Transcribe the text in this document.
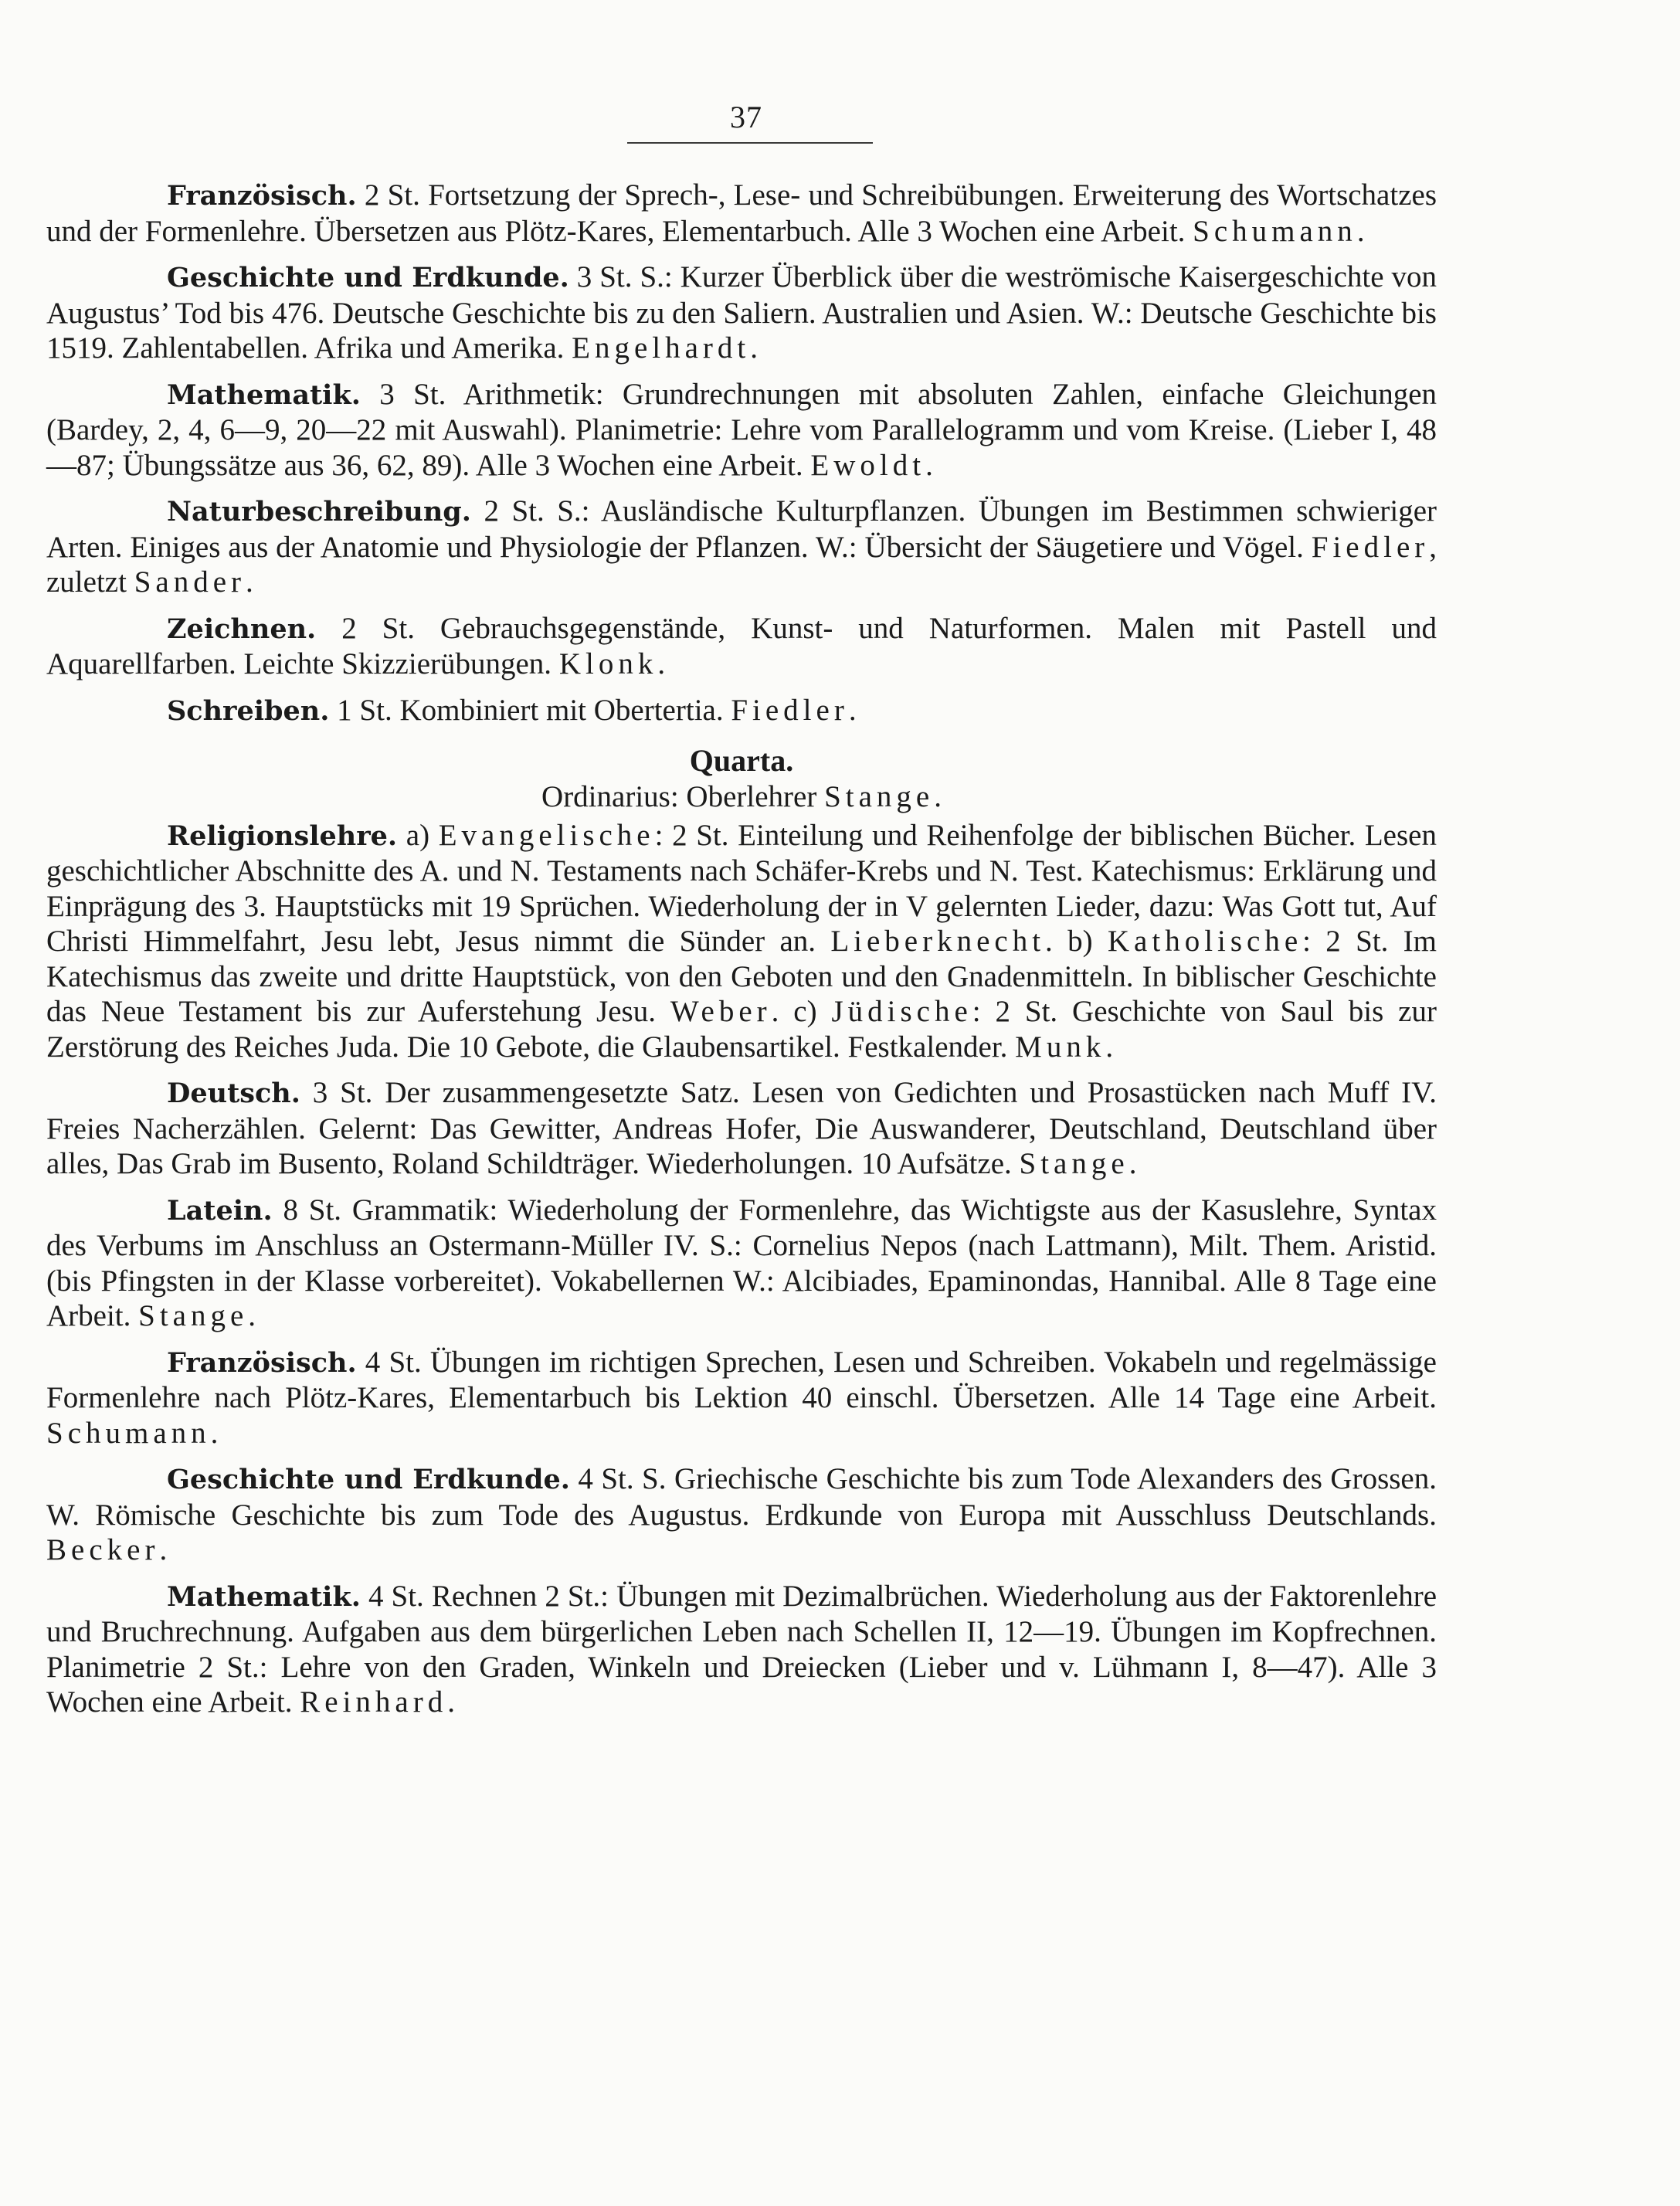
37

Französisch. 2 St. Fortsetzung der Sprech-, Lese- und Schreibübungen. Erweiterung des Wortschatzes und der Formenlehre. Übersetzen aus Plötz-Kares, Elementarbuch. Alle 3 Wochen eine Arbeit. Schumann.

Geschichte und Erdkunde. 3 St. S.: Kurzer Überblick über die weströmische Kaisergeschichte von Augustus’ Tod bis 476. Deutsche Geschichte bis zu den Saliern. Australien und Asien. W.: Deutsche Geschichte bis 1519. Zahlentabellen. Afrika und Amerika. Engelhardt.

Mathematik. 3 St. Arithmetik: Grundrechnungen mit absoluten Zahlen, einfache Gleichungen (Bardey, 2, 4, 6—9, 20—22 mit Auswahl). Planimetrie: Lehre vom Parallelogramm und vom Kreise. (Lieber I, 48—87; Übungssätze aus 36, 62, 89). Alle 3 Wochen eine Arbeit. Ewoldt.

Naturbeschreibung. 2 St. S.: Ausländische Kulturpflanzen. Übungen im Bestimmen schwieriger Arten. Einiges aus der Anatomie und Physiologie der Pflanzen. W.: Übersicht der Säugetiere und Vögel. Fiedler, zuletzt Sander.

Zeichnen. 2 St. Gebrauchsgegenstände, Kunst- und Naturformen. Malen mit Pastell und Aquarellfarben. Leichte Skizzierübungen. Klonk.

Schreiben. 1 St. Kombiniert mit Obertertia. Fiedler.

Quarta.

Ordinarius: Oberlehrer Stange.

Religionslehre. a) Evangelische: 2 St. Einteilung und Reihenfolge der biblischen Bücher. Lesen geschichtlicher Abschnitte des A. und N. Testaments nach Schäfer-Krebs und N. Test. Katechismus: Erklärung und Einprägung des 3. Hauptstücks mit 19 Sprüchen. Wiederholung der in V gelernten Lieder, dazu: Was Gott tut, Auf Christi Himmelfahrt, Jesu lebt, Jesus nimmt die Sünder an. Lieberknecht. b) Katholische: 2 St. Im Katechismus das zweite und dritte Hauptstück, von den Geboten und den Gnadenmitteln. In biblischer Geschichte das Neue Testament bis zur Auferstehung Jesu. Weber. c) Jüdische: 2 St. Geschichte von Saul bis zur Zerstörung des Reiches Juda. Die 10 Gebote, die Glaubensartikel. Festkalender. Munk.

Deutsch. 3 St. Der zusammengesetzte Satz. Lesen von Gedichten und Prosastücken nach Muff IV. Freies Nacherzählen. Gelernt: Das Gewitter, Andreas Hofer, Die Auswanderer, Deutschland, Deutschland über alles, Das Grab im Busento, Roland Schildträger. Wiederholungen. 10 Aufsätze. Stange.

Latein. 8 St. Grammatik: Wiederholung der Formenlehre, das Wichtigste aus der Kasuslehre, Syntax des Verbums im Anschluss an Ostermann-Müller IV. S.: Cornelius Nepos (nach Lattmann), Milt. Them. Aristid. (bis Pfingsten in der Klasse vorbereitet). Vokabellernen W.: Alcibiades, Epaminondas, Hannibal. Alle 8 Tage eine Arbeit. Stange.

Französisch. 4 St. Übungen im richtigen Sprechen, Lesen und Schreiben. Vokabeln und regelmässige Formenlehre nach Plötz-Kares, Elementarbuch bis Lektion 40 einschl. Übersetzen. Alle 14 Tage eine Arbeit. Schumann.

Geschichte und Erdkunde. 4 St. S. Griechische Geschichte bis zum Tode Alexanders des Grossen. W. Römische Geschichte bis zum Tode des Augustus. Erdkunde von Europa mit Ausschluss Deutschlands. Becker.

Mathematik. 4 St. Rechnen 2 St.: Übungen mit Dezimalbrüchen. Wiederholung aus der Faktorenlehre und Bruchrechnung. Aufgaben aus dem bürgerlichen Leben nach Schellen II, 12—19. Übungen im Kopfrechnen. Planimetrie 2 St.: Lehre von den Graden, Winkeln und Dreiecken (Lieber und v. Lühmann I, 8—47). Alle 3 Wochen eine Arbeit. Reinhard.
